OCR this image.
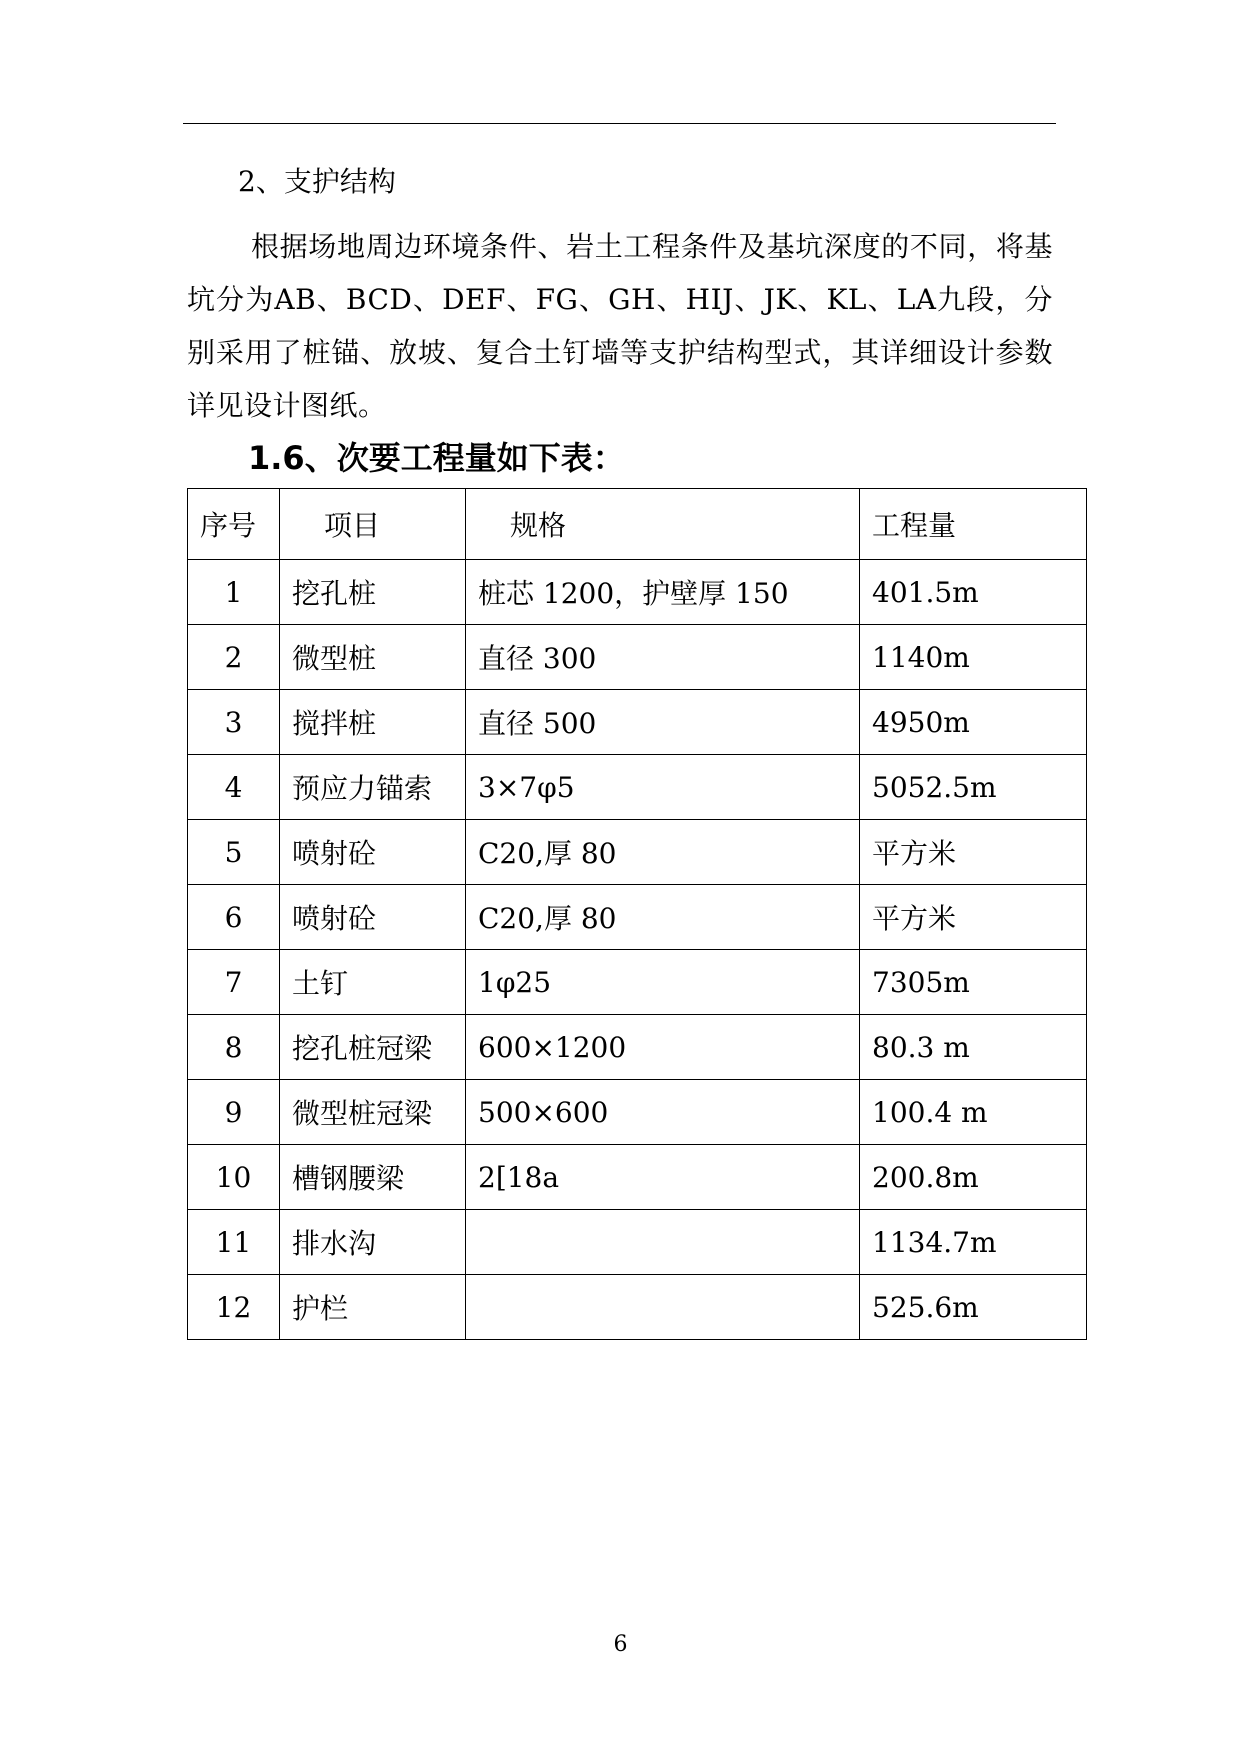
2、支护结构

根据场地周边环境条件、岩土工程条件及基坑深度的不同，将基坑分为AB、BCD、DEF、FG、GH、HIJ、JK、KL、LA九段，分别采用了桩锚、放坡、复合土钉墙等支护结构型式，其详细设计参数详见设计图纸。

1.6、次要工程量如下表：
序号	项目	规格	工程量
1	挖孔桩	桩芯 1200，护壁厚 150	401.5m
2	微型桩	直径 300	1140m
3	搅拌桩	直径 500	4950m
4	预应力锚索	3×7φ5	5052.5m
5	喷射砼	C20,厚 80	平方米
6	喷射砼	C20,厚 80	平方米
7	土钉	1φ25	7305m
8	挖孔桩冠梁	600×1200	80.3 m
9	微型桩冠梁	500×600	100.4 m
10	槽钢腰梁	2[18a	200.8m
11	排水沟		1134.7m
12	护栏		525.6m
6
